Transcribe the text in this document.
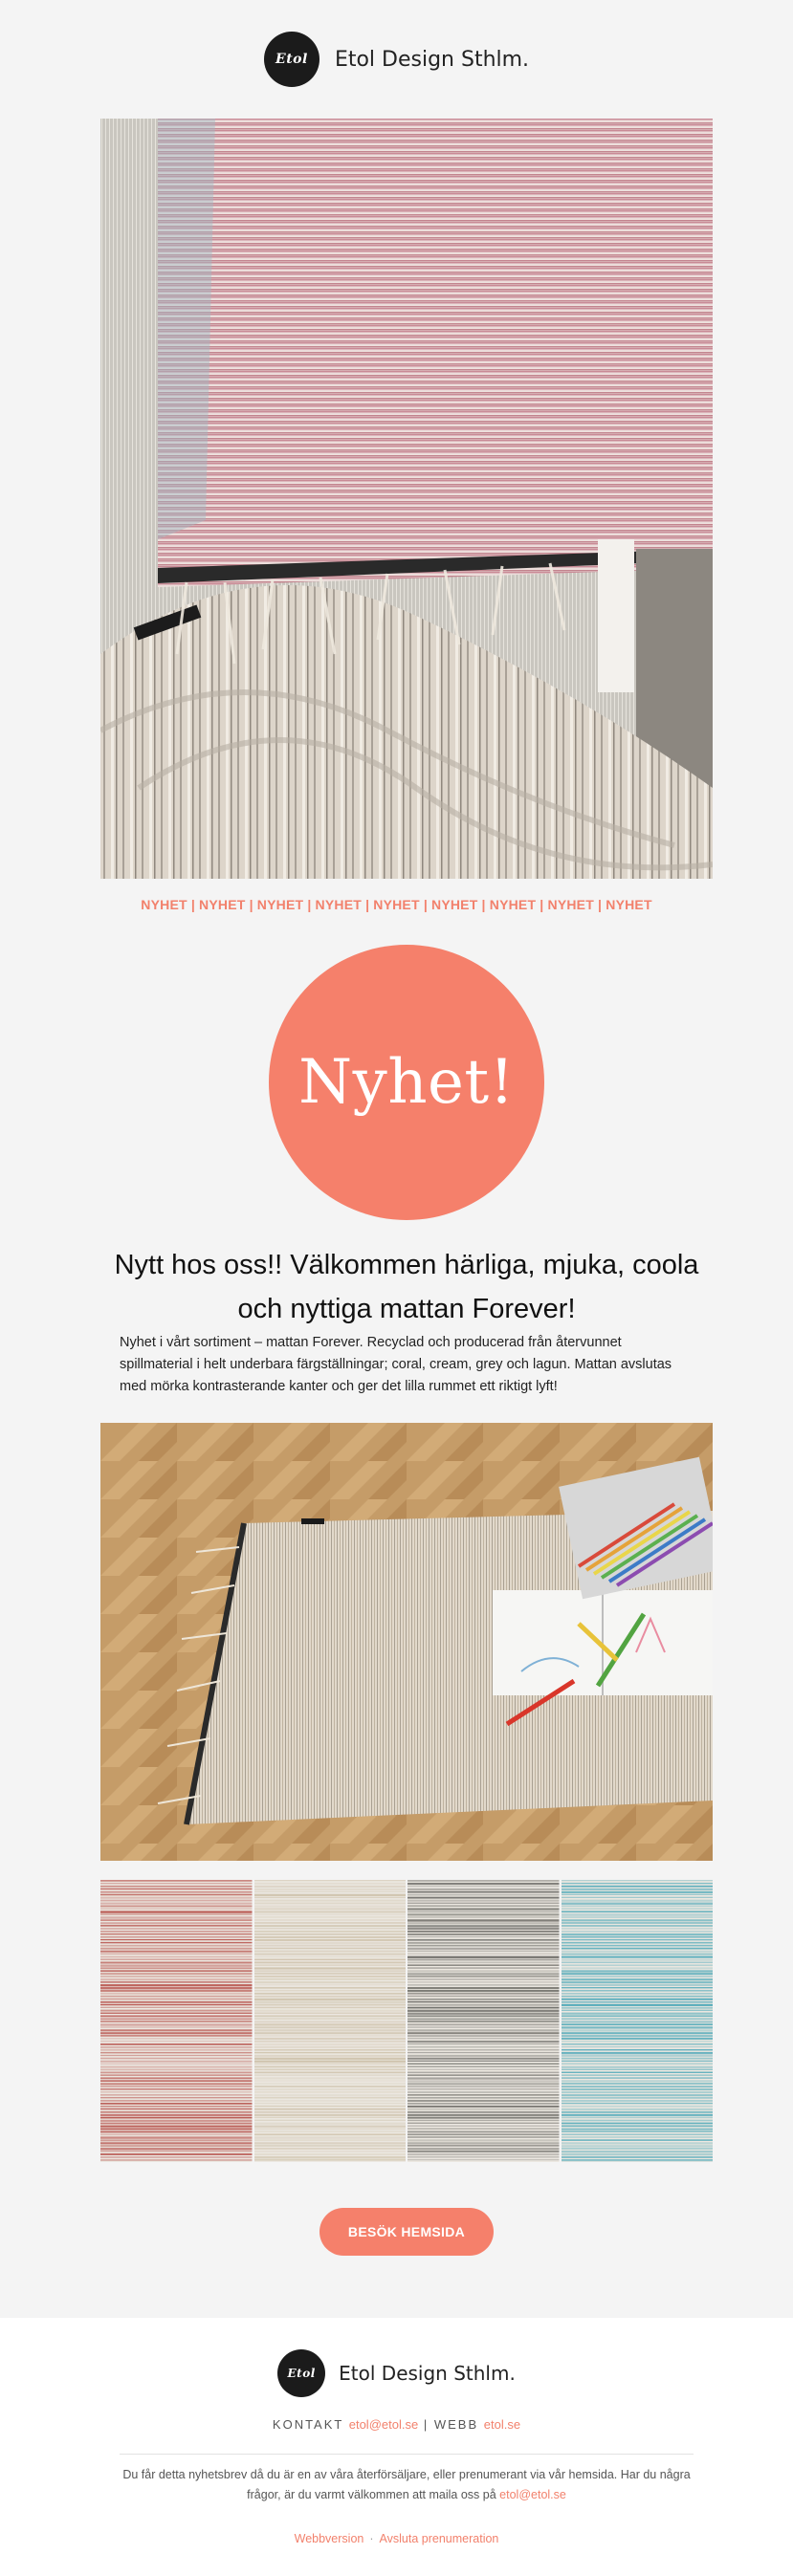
Etol Etol Design Sthlm.
NYHET | NYHET | NYHET | NYHET | NYHET | NYHET | NYHET | NYHET | NYHET
Nyhet!
Nytt hos oss!! Välkommen härliga, mjuka, coola och nyttiga mattan Forever!
Nyhet i vårt sortiment – mattan Forever. Recyclad och producerad från återvunnet spillmaterial i helt underbara färgställningar; coral, cream, grey och lagun. Mattan avslutas med mörka kontrasterande kanter och ger det lilla rummet ett riktigt lyft!
BESÖK HEMSIDA
Etol Etol Design Sthlm.
KONTAKT etol@etol.se | WEBB etol.se
Du får detta nyhetsbrev då du är en av våra återförsäljare, eller prenumerant via vår hemsida. Har du några frågor, är du varmt välkommen att maila oss på etol@etol.se
Webbversion · Avsluta prenumeration
